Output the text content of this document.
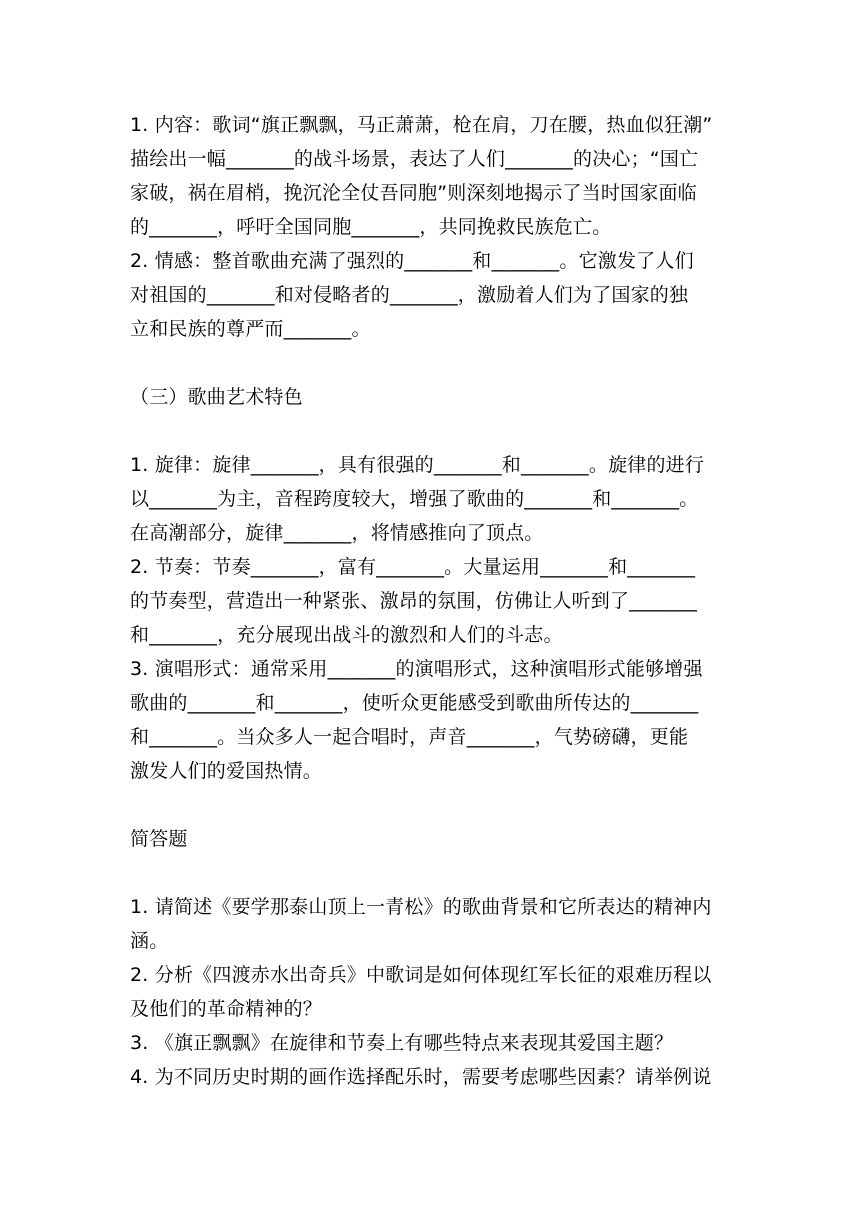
1. 内容：歌词“旗正飘飘，马正萧萧，枪在肩，刀在腰，热血似狂潮”

描绘出一幅_______的战斗场景，表达了人们_______的决心；“国亡

家破，祸在眉梢，挽沉沦全仗吾同胞”则深刻地揭示了当时国家面临

的_______，呼吁全国同胞_______，共同挽救民族危亡。

2. 情感：整首歌曲充满了强烈的_______和_______。它激发了人们

对祖国的_______和对侵略者的_______，激励着人们为了国家的独

立和民族的尊严而_______。

（三）歌曲艺术特色

1. 旋律：旋律_______，具有很强的_______和_______。旋律的进行

以_______为主，音程跨度较大，增强了歌曲的_______和_______。

在高潮部分，旋律_______，将情感推向了顶点。

2. 节奏：节奏_______，富有_______。大量运用_______和_______

的节奏型，营造出一种紧张、激昂的氛围，仿佛让人听到了_______

和_______，充分展现出战斗的激烈和人们的斗志。

3. 演唱形式：通常采用_______的演唱形式，这种演唱形式能够增强

歌曲的_______和_______，使听众更能感受到歌曲所传达的_______

和_______。当众多人一起合唱时，声音_______，气势磅礴，更能

激发人们的爱国热情。

简答题

1. 请简述《要学那泰山顶上一青松》的歌曲背景和它所表达的精神内

涵。

2. 分析《四渡赤水出奇兵》中歌词是如何体现红军长征的艰难历程以

及他们的革命精神的？

3. 《旗正飘飘》在旋律和节奏上有哪些特点来表现其爱国主题？

4. 为不同历史时期的画作选择配乐时，需要考虑哪些因素？请举例说
